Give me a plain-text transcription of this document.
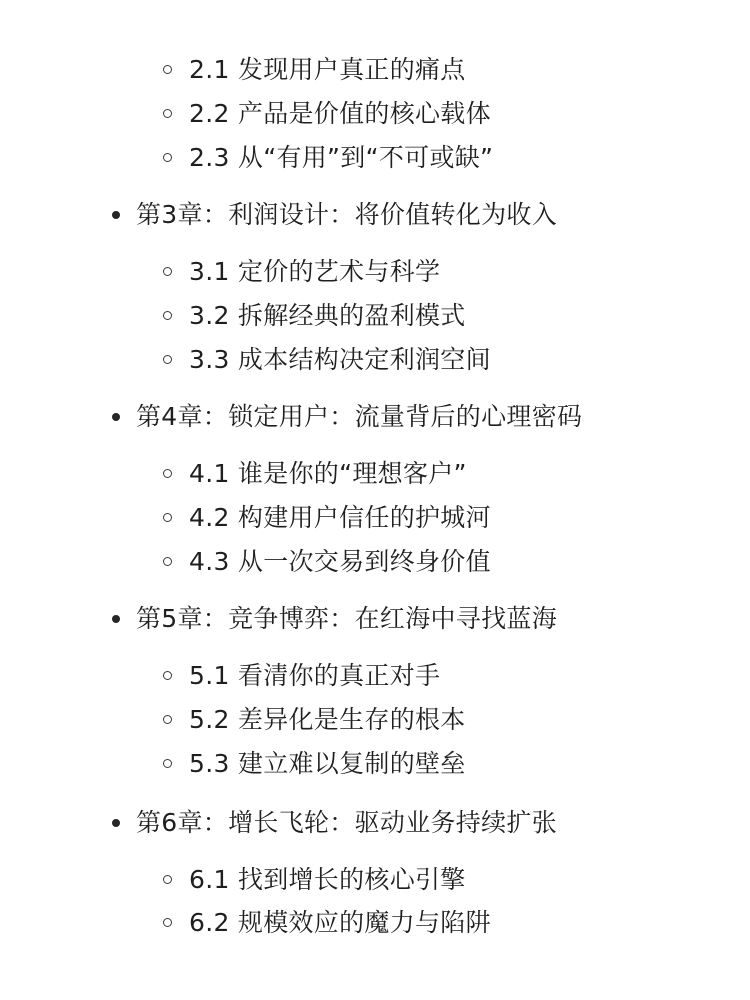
2.1 发现用户真正的痛点
2.2 产品是价值的核心载体
2.3 从“有用”到“不可或缺”
第3章：利润设计：将价值转化为收入
3.1 定价的艺术与科学
3.2 拆解经典的盈利模式
3.3 成本结构决定利润空间
第4章：锁定用户：流量背后的心理密码
4.1 谁是你的“理想客户”
4.2 构建用户信任的护城河
4.3 从一次交易到终身价值
第5章：竞争博弈：在红海中寻找蓝海
5.1 看清你的真正对手
5.2 差异化是生存的根本
5.3 建立难以复制的壁垒
第6章：增长飞轮：驱动业务持续扩张
6.1 找到增长的核心引擎
6.2 规模效应的魔力与陷阱
